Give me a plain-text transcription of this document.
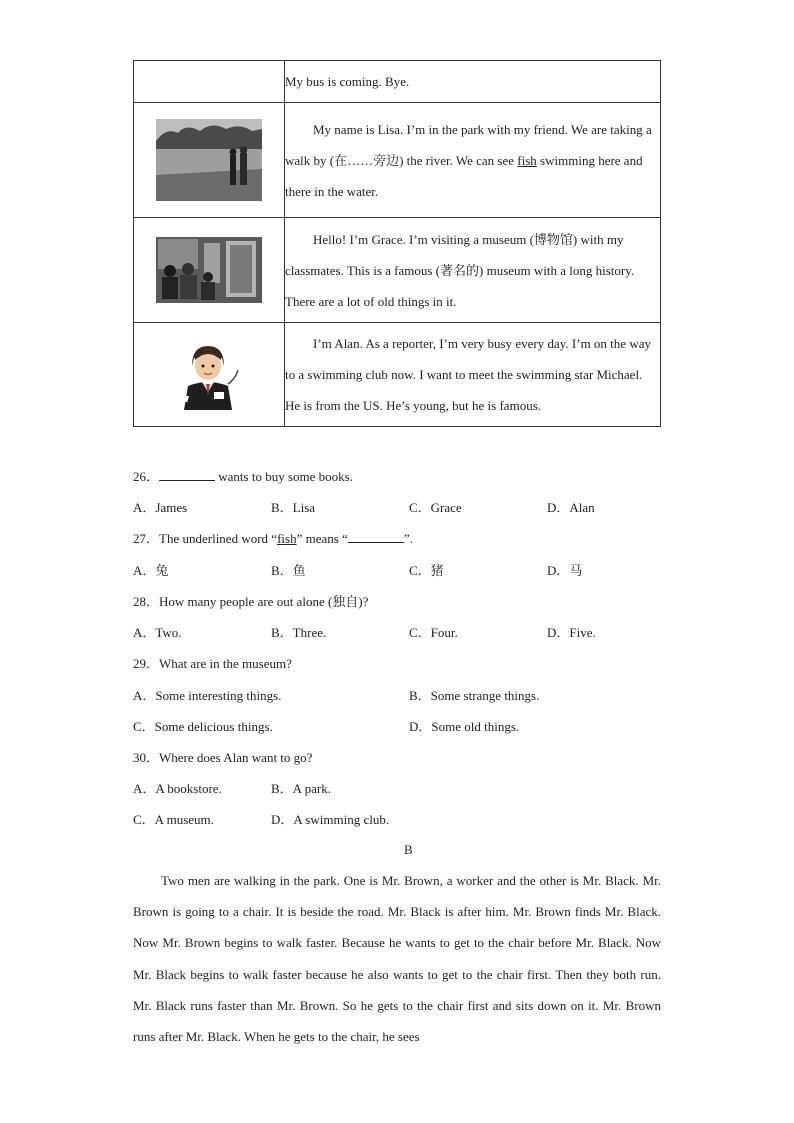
	My bus is coming. Bye.
	My name is Lisa. I’m in the park with my friend. We are taking a walk by (在……旁边) the river. We can see fish swimming here and there in the water.
	Hello! I’m Grace. I’m visiting a museum (博物馆) with my classmates. This is a famous (著名的) museum with a long history. There are a lot of old things in it.
	I’m Alan. As a reporter, I’m very busy every day. I’m on the way to a swimming club now. I want to meet the swimming star Michael. He is from the US. He’s young, but he is famous.
26．	wants to buy some books.
A．James	B．Lisa	C．Grace	D．Alan
27．The underlined word “fish” means “	”.
A．兔	B．鱼	C．猪	D．马
28．How many people are out alone (独自)?
A．Two.	B．Three.	C．Four.	D．Five.
29．What are in the museum?
A．Some interesting things.	B．Some strange things.
C．Some delicious things.	D．Some old things.
30．Where does Alan want to go?
A．A bookstore.	B．A park.
C．A museum.	D．A swimming club.
B
Two men are walking in the park. One is Mr. Brown, a worker and the other is Mr. Black. Mr. Brown is going to a chair. It is beside the road. Mr. Black is after him. Mr. Brown finds Mr. Black. Now Mr. Brown begins to walk faster. Because he wants to get to the chair before Mr. Black. Now Mr. Black begins to walk faster because he also wants to get to the chair first. Then they both run. Mr. Black runs faster than Mr. Brown. So he gets to the chair first and sits down on it. Mr. Brown runs after Mr. Black. When he gets to the chair, he sees
